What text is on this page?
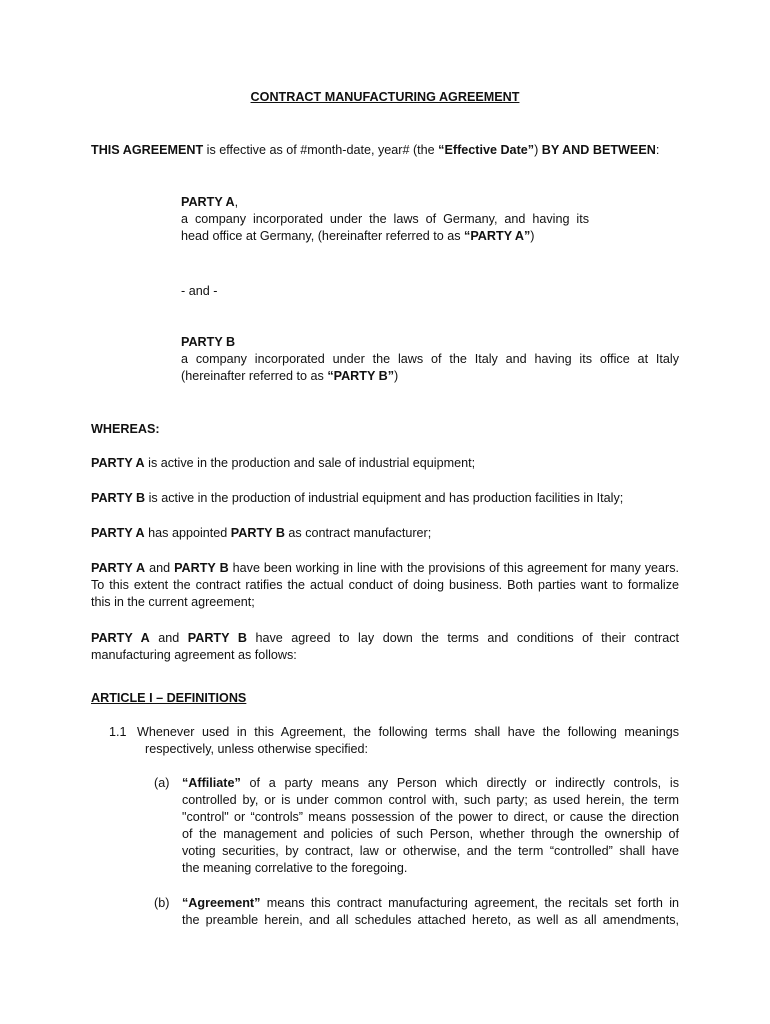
CONTRACT MANUFACTURING AGREEMENT
THIS AGREEMENT is effective as of #month-date, year# (the “Effective Date”) BY AND BETWEEN:
PARTY A,
a company incorporated under the laws of Germany, and having its
head office at Germany, (hereinafter referred to as “PARTY A”)
- and -
PARTY B
a company incorporated under the laws of the Italy and having its office at Italy
(hereinafter referred to as “PARTY B”)
WHEREAS:
PARTY A is active in the production and sale of industrial equipment;
PARTY B is active in the production of industrial equipment and has production facilities in Italy;
PARTY A has appointed PARTY B as contract manufacturer;
PARTY A and PARTY B have been working in line with the provisions of this agreement for many years.
To this extent the contract ratifies the actual conduct of doing business. Both parties want to formalize
this in the current agreement;
PARTY A and PARTY B have agreed to lay down the terms and conditions of their contract
manufacturing agreement as follows:
ARTICLE I – DEFINITIONS
1.1 Whenever used in this Agreement, the following terms shall have the following meanings
respectively, unless otherwise specified:
(a) “Affiliate” of a party means any Person which directly or indirectly controls, is
controlled by, or is under common control with, such party; as used herein, the term
"control" or “controls” means possession of the power to direct, or cause the direction
of the management and policies of such Person, whether through the ownership of
voting securities, by contract, law or otherwise, and the term “controlled” shall have
the meaning correlative to the foregoing.
(b) “Agreement” means this contract manufacturing agreement, the recitals set forth in
the preamble herein, and all schedules attached hereto, as well as all amendments,
